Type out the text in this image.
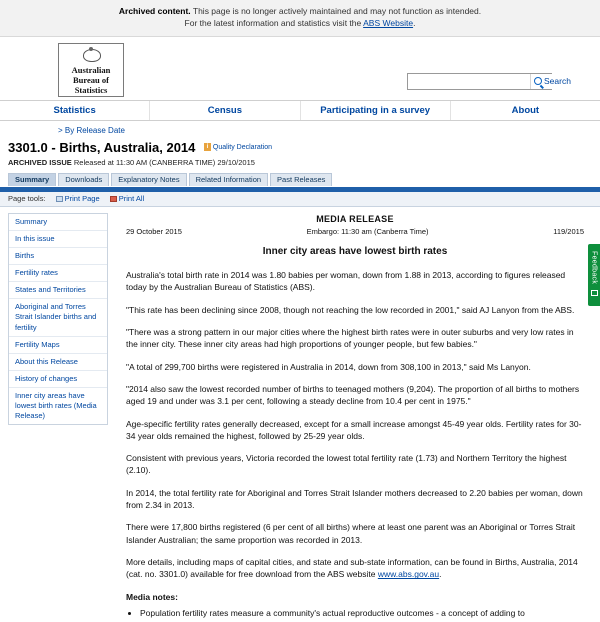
Archived content. This page is no longer actively maintained and may not function as intended.
For the latest information and statistics visit the ABS Website.
Australian
Bureau of
Statistics
Search
Statistics	Census	Participating in a survey	About
> By Release Date
3301.0 - Births, Australia, 2014 i Quality Declaration
ARCHIVED ISSUE Released at 11:30 AM (CANBERRA TIME) 29/10/2015
Summary Downloads Explanatory Notes Related Information Past Releases
Page tools:	Print Page	Print All
Summary
In this issue
Births
Fertility rates
States and Territories
Aboriginal and Torres Strait Islander births and fertility
Fertility Maps
About this Release
History of changes
Inner city areas have lowest birth rates (Media Release)
MEDIA RELEASE
29 October 2015	Embargo: 11:30 am (Canberra Time)	119/2015
Inner city areas have lowest birth rates

Australia's total birth rate in 2014 was 1.80 babies per woman, down from 1.88 in 2013, according to figures released today by the Australian Bureau of Statistics (ABS).

"This rate has been declining since 2008, though not reaching the low recorded in 2001," said AJ Lanyon from the ABS.

"There was a strong pattern in our major cities where the highest birth rates were in outer suburbs and very low rates in the inner city. These inner city areas had high proportions of younger people, but few babies."

"A total of 299,700 births were registered in Australia in 2014, down from 308,100 in 2013," said Ms Lanyon.

"2014 also saw the lowest recorded number of births to teenaged mothers (9,204). The proportion of all births to mothers aged 19 and under was 3.1 per cent, following a steady decline from 10.4 per cent in 1975."

Age-specific fertility rates generally decreased, except for a small increase amongst 45-49 year olds. Fertility rates for 30-34 year olds remained the highest, followed by 25-29 year olds.

Consistent with previous years, Victoria recorded the lowest total fertility rate (1.73) and Northern Territory the highest (2.10).

In 2014, the total fertility rate for Aboriginal and Torres Strait Islander mothers decreased to 2.20 babies per woman, down from 2.34 in 2013.

There were 17,800 births registered (6 per cent of all births) where at least one parent was an Aboriginal or Torres Strait Islander Australian; the same proportion was recorded in 2013.

More details, including maps of capital cities, and state and sub-state information, can be found in Births, Australia, 2014 (cat. no. 3301.0) available for free download from the ABS website www.abs.gov.au.

Media notes:
• Population fertility rates measure a community's actual reproductive outcomes - a concept of adding to
Feedback
